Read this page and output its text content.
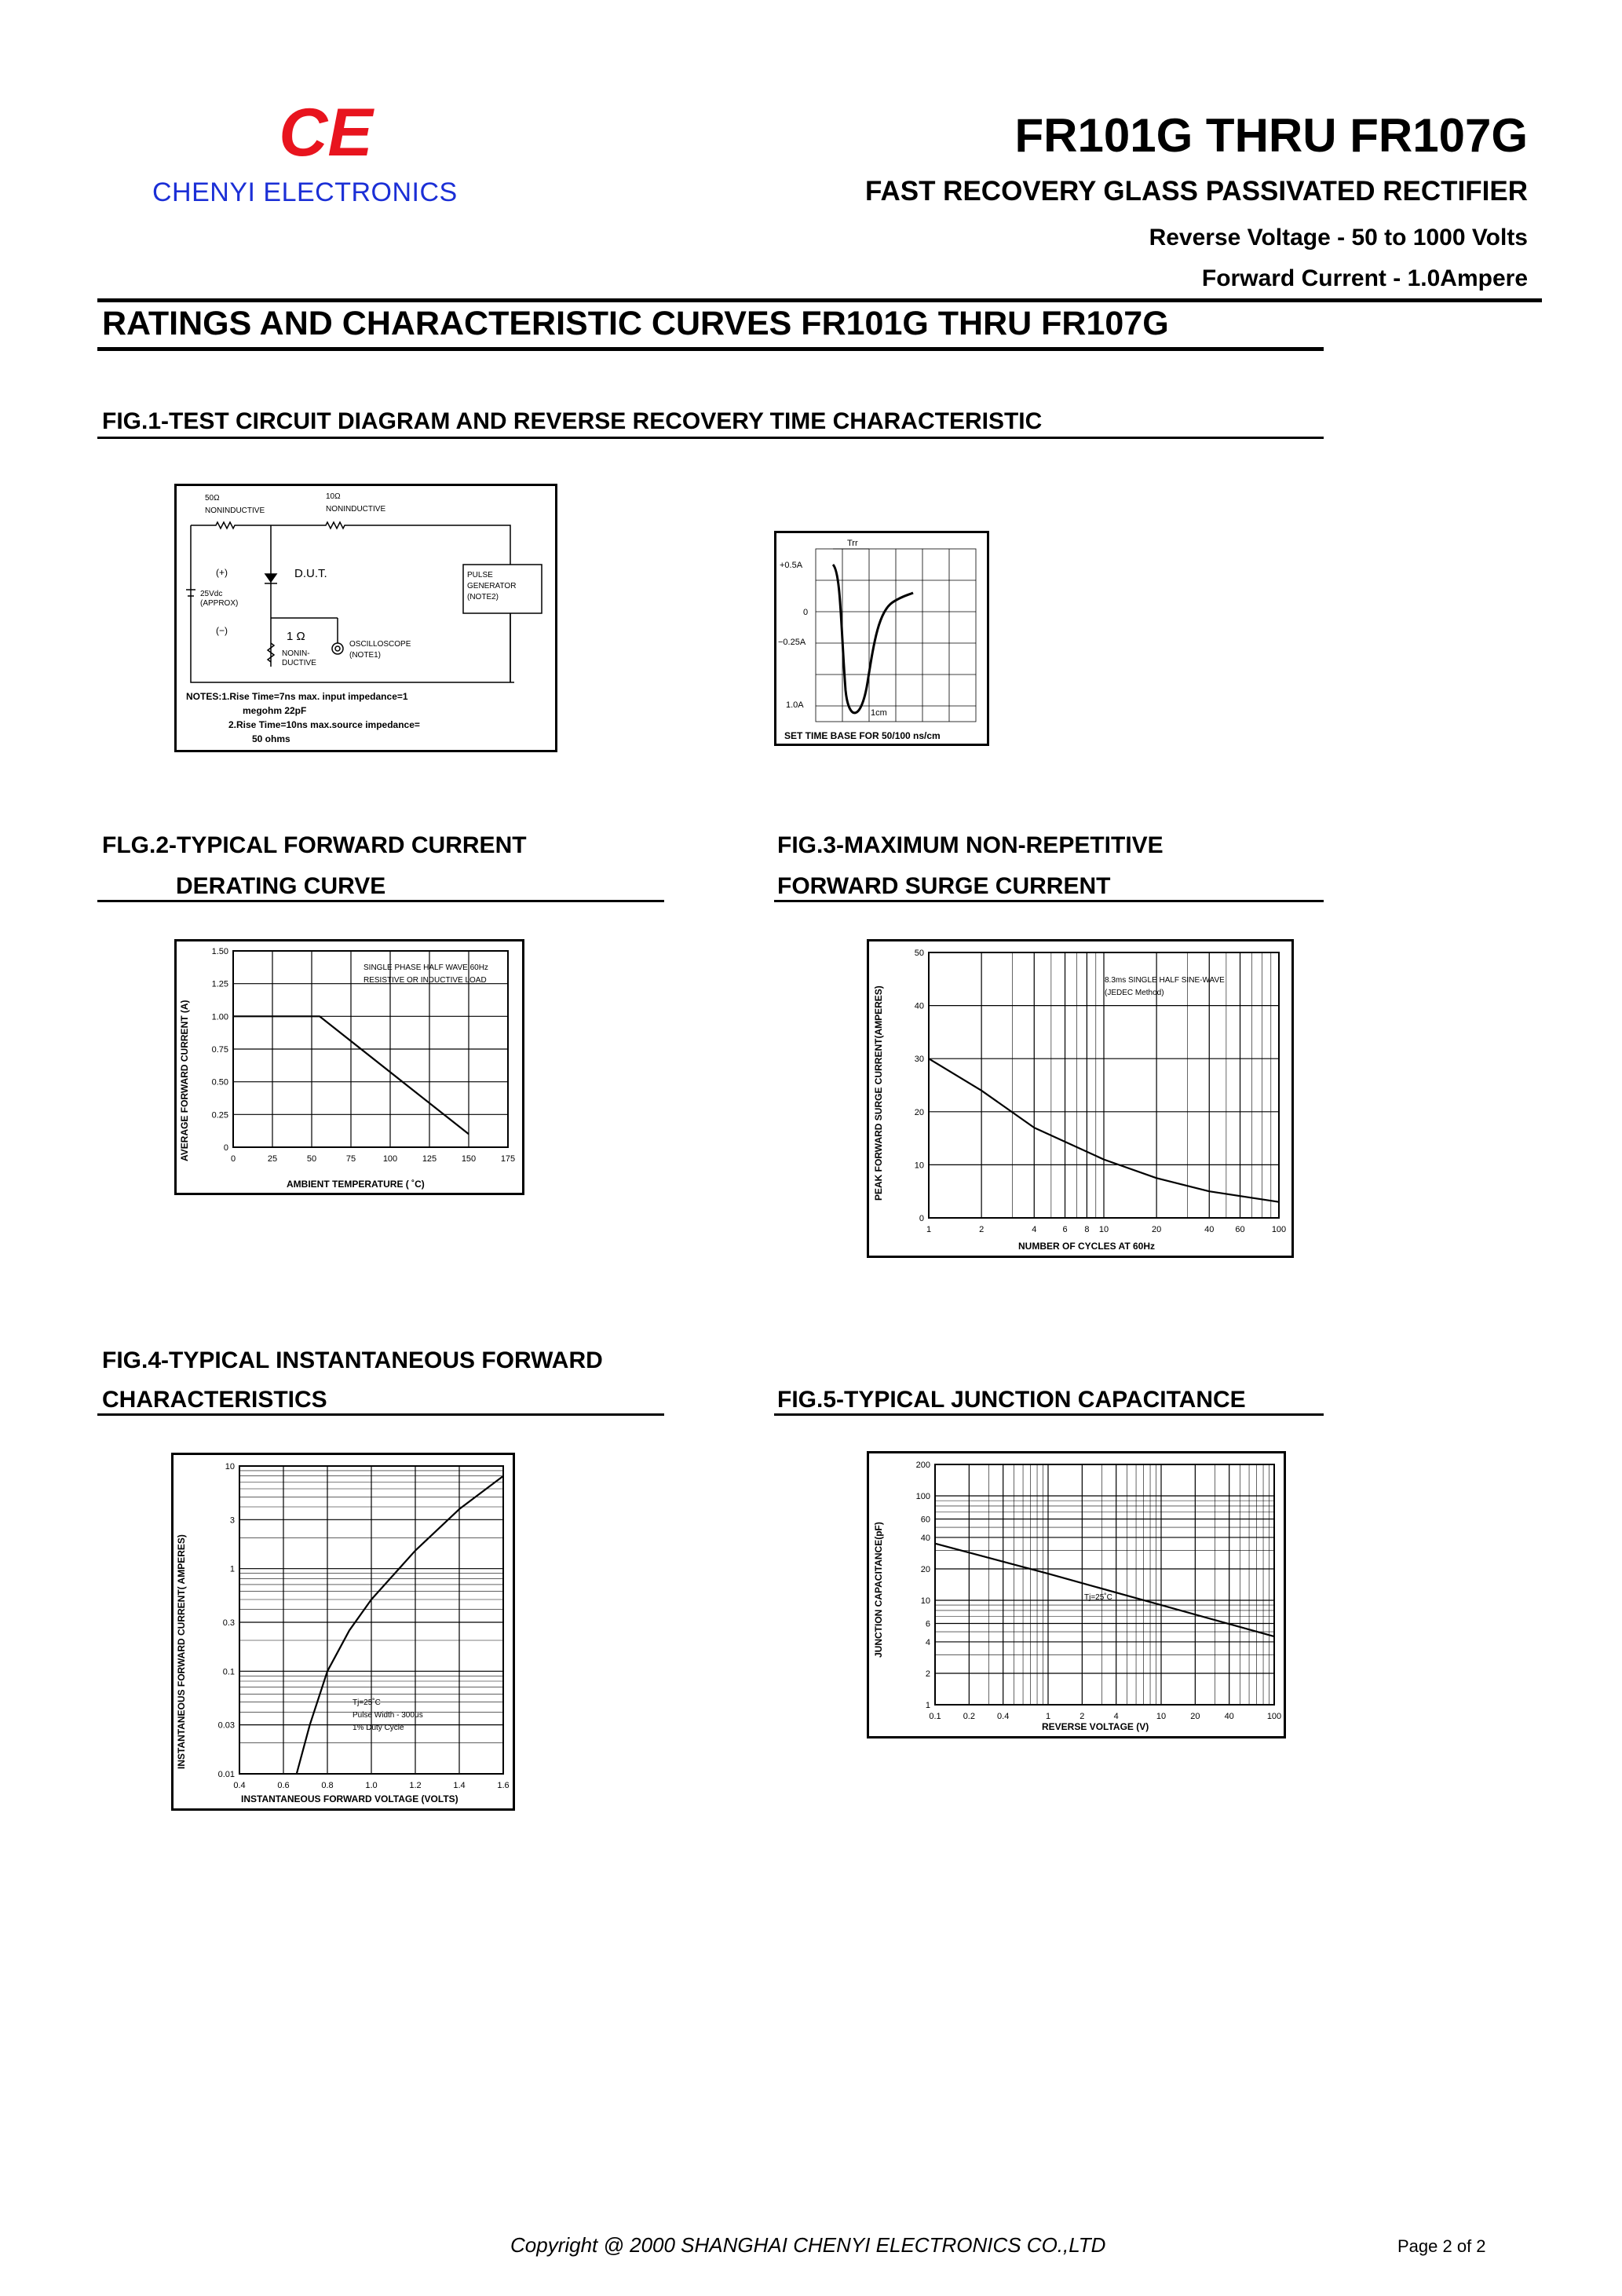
CE
CHENYI ELECTRONICS
FR101G THRU FR107G
FAST RECOVERY GLASS PASSIVATED RECTIFIER
Reverse Voltage - 50 to 1000 Volts
Forward Current - 1.0Ampere
RATINGS AND CHARACTERISTIC CURVES FR101G THRU FR107G
FIG.1-TEST CIRCUIT DIAGRAM AND REVERSE RECOVERY TIME CHARACTERISTIC
50Ω
NONINDUCTIVE
10Ω
NONINDUCTIVE
(+)
(−)
D.U.T.
25Vdc
(APPROX)
PULSE
GENERATOR
(NOTE2)
1 Ω
NONIN-
DUCTIVE
OSCILLOSCOPE
(NOTE1)
NOTES:1.Rise Time=7ns max. input impedance=1
megohm 22pF
2.Rise Time=10ns max.source impedance=
50 ohms
Trr
+0.5A
0
−0.25A
1.0A
1cm
SET TIME BASE FOR 50/100 ns/cm
FLG.2-TYPICAL FORWARD CURRENT
DERATING CURVE
AVERAGE FORWARD CURRENT (A)
AMBIENT TEMPERATURE ( ˚C)
SINGLE PHASE HALF WAVE 60Hz
RESISTIVE OR INDUCTIVE LOAD
0	25	50	75	100	125	150	175
0
0.25
0.50
0.75
1.00
1.25
1.50
FIG.3-MAXIMUM NON-REPETITIVE
FORWARD SURGE CURRENT
PEAK FORWARD SURGE CURRENT(AMPERES)
NUMBER OF CYCLES AT 60Hz
8.3ms SINGLE HALF SINE-WAVE
(JEDEC Method)
1	2	4	6 8 10	20	40 60	100
0
10
20
30
40
50
FIG.4-TYPICAL INSTANTANEOUS FORWARD
CHARACTERISTICS
INSTANTANEOUS FORWARD CURRENT( AMPERES)
INSTANTANEOUS FORWARD VOLTAGE (VOLTS)
Tj=25˚C
Pulse Width - 300μs
1% Duty Cycle
0.4	0.6	0.8	1.0	1.2	1.4	1.6
0.01
0.03
0.1
0.3
1
3
10
FIG.5-TYPICAL JUNCTION CAPACITANCE
JUNCTION CAPACITANCE(pF)
REVERSE VOLTAGE (V)
Tj=25˚C
0.1	0.2	0.4	1	2	4	10	20	40	100
1
2
4
6
10
20
40
60
100
200
Copyright @ 2000 SHANGHAI CHENYI ELECTRONICS CO.,LTD	Page 2 of 2
